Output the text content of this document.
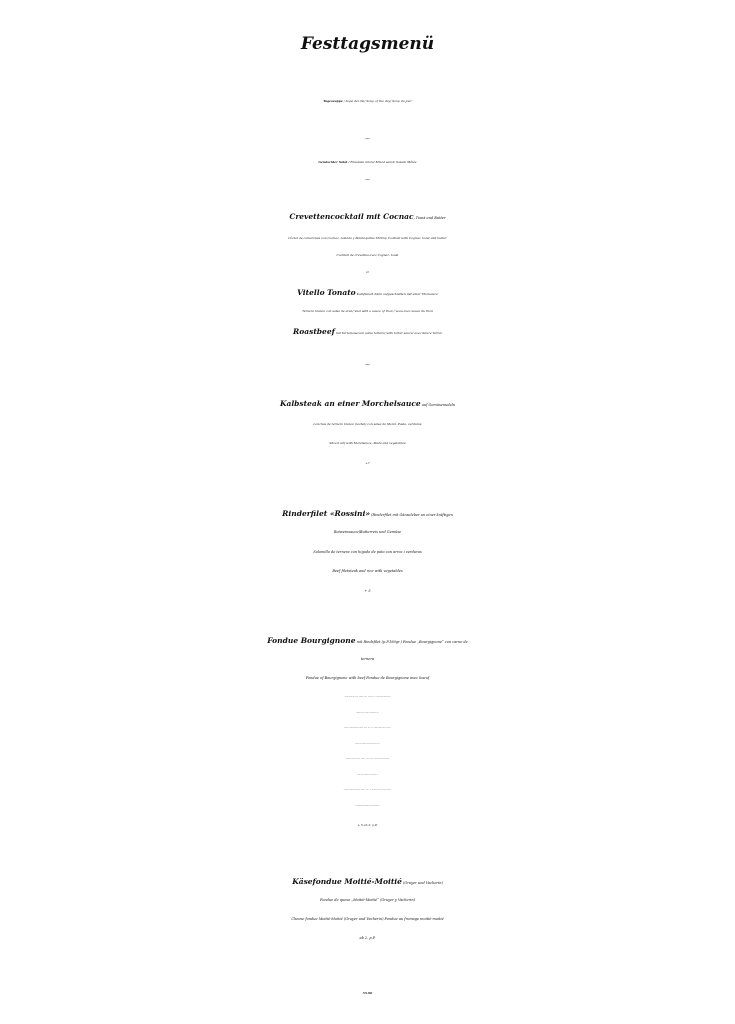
Festtagsmenü
Tagessuppe / Sopa del día/ Soup of the day/ Soup du jour
***
Gemischter Salat / Ensalada mixta/ Mixed salad/ Salade Mêlée
***
Crevettencocktail mit Cocnac, Toast und Butter
Còctel de camarones con Cocnac, tostada y Mantequilla/ Shrimp Cocktail with Cognac, toast and butter
Cocktail de crevettes avec Cognac, toast
O
Vitello Tonato Kalbfleisch dünn aufgeschnitten mit einer Thonsauce
Ternera blanca con salsa de atun/ Veal with a sauce of thon / veau avec sauce du thon
Roastbeef mit Tartarsose/con salsa tartara/ with tartar sauce/ avec Sauce Tartar
***
Kalbsteak an einer Morchelsauce auf Gemüsenudeln
Lonchas de ternera blanca (lechal) con salsa de Morel, Pasta, verduras
Sliced calf with Morelsauce, Pasta and vegetables
+7
Rinderfilet «Rossini» (Rinderfilet mit Gänseleber an einer kräftigen
Rotweinsauce)Butterreis und Gemüse
Solomillo de ternera con higado de pato con arroz i verduras
Beef filetsteak and rice with vegetables
+ 5
Fondue Bourgignone mit Rindsfilet (p.P.180gr.) Fondue „Bourgignone“ con carne de
ternera
Fondue of Bourgignone with beef Fondue de Bourgignone avec boeuf
Fleisch Fondues mit Tartar-, Cocktail-, Curry-, Knoblauch-, Pfeffersauce und Kräuterbutter,
Pommes Frites, Gurken, Silberzwiebeln, etc.
Fondues de carne con Salsa de tártar, -coctel, -curry, -ajo, -pimienta, mantequilla de hierbas,
patatas fritas, pepinos, cebollitas en vinagre, etc.
Fondues of meat with Tartar -, cocktail -, Curry, garlic-, pepper sauce and herb butter,
French fries, cucumber, silver onions, etc.
Fondues de viande avec Tartare-, cocktail-, Curry-, ail-, sauce au poivre et beurre aux herbes,
frites françaises, concombre, petits oignons etc.
+ 5 ab 2. p.P.
Käsefondue Moitié-Moitié (Gruyer und Vacherin)
Fondue de queso „Moitié-Moitié“ (Gruyer y Vacherin)
Cheese fondue Moitié-Moitié (Gruyer and Vacherin) Fondue au fromage moitié-moitié
ab 2. p.P.
55.90
